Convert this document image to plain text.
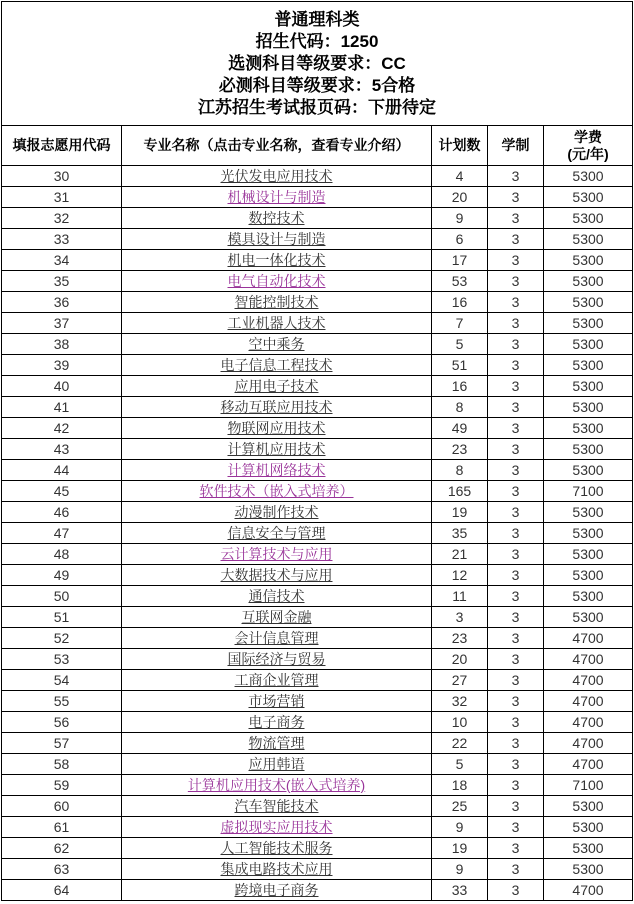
普通理科类
招生代码：1250
选测科目等级要求：CC
必测科目等级要求：5合格
江苏招生考试报页码：下册待定				

填报志愿用代码	专业名称（点击专业名称，查看专业介绍）	计划数	学制	学费
(元/年)

30	光伏发电应用技术	4	3	5300
31	机械设计与制造	20	3	5300
32	数控技术	9	3	5300
33	模具设计与制造	6	3	5300
34	机电一体化技术	17	3	5300
35	电气自动化技术	53	3	5300
36	智能控制技术	16	3	5300
37	工业机器人技术	7	3	5300
38	空中乘务	5	3	5300
39	电子信息工程技术	51	3	5300
40	应用电子技术	16	3	5300
41	移动互联应用技术	8	3	5300
42	物联网应用技术	49	3	5300
43	计算机应用技术	23	3	5300
44	计算机网络技术	8	3	5300
45	软件技术（嵌入式培养）	165	3	7100
46	动漫制作技术	19	3	5300
47	信息安全与管理	35	3	5300
48	云计算技术与应用	21	3	5300
49	大数据技术与应用	12	3	5300
50	通信技术	11	3	5300
51	互联网金融	3	3	5300
52	会计信息管理	23	3	4700
53	国际经济与贸易	20	3	4700
54	工商企业管理	27	3	4700
55	市场营销	32	3	4700
56	电子商务	10	3	4700
57	物流管理	22	3	4700
58	应用韩语	5	3	4700
59	计算机应用技术(嵌入式培养)	18	3	7100
60	汽车智能技术	25	3	5300
61	虚拟现实应用技术	9	3	5300
62	人工智能技术服务	19	3	5300
63	集成电路技术应用	9	3	5300
64	跨境电子商务	33	3	4700
